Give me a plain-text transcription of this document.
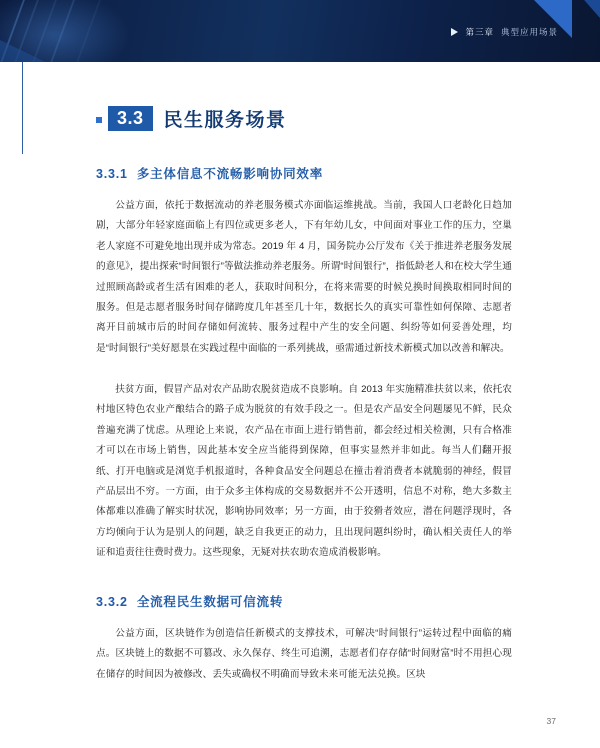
第三章 典型应用场景
3.3	民生服务场景
3.3.1 多主体信息不流畅影响协同效率

公益方面，依托于数据流动的养老服务模式亦面临运维挑战。当前，我国人口老龄化日趋加剧，大部分年轻家庭面临上有四位或更多老人，下有年幼儿女，中间面对事业工作的压力，空巢老人家庭不可避免地出现并成为常态。2019 年 4 月，国务院办公厅发布《关于推进养老服务发展的意见》，提出探索“时间银行”等做法推动养老服务。所谓“时间银行”，指低龄老人和在校大学生通过照顾高龄或者生活有困难的老人，获取时间积分，在将来需要的时候兑换时间换取相同时间的服务。但是志愿者服务时间存储跨度几年甚至几十年，数据长久的真实可靠性如何保障、志愿者离开目前城市后的时间存储如何流转、服务过程中产生的安全问题、纠纷等如何妥善处理，均是“时间银行”美好愿景在实践过程中面临的一系列挑战，亟需通过新技术新模式加以改善和解决。

扶贫方面，假冒产品对农产品助农脱贫造成不良影响。自 2013 年实施精准扶贫以来，依托农村地区特色农业产酿结合的路子成为脱贫的有效手段之一。但是农产品安全问题屡见不鲜，民众普遍充满了忧虑。从理论上来说，农产品在市面上进行销售前，都会经过相关检测，只有合格准才可以在市场上销售，因此基本安全应当能得到保障，但事实显然并非如此。每当人们翻开报纸、打开电脑或是浏览手机报道时，各种食品安全问题总在撞击着消费者本就脆弱的神经，假冒产品层出不穷。一方面，由于众多主体构成的交易数据并不公开透明，信息不对称，绝大多数主体都难以准确了解实时状况，影响协同效率；另一方面，由于狡猾者效应，潜在问题浮现时，各方均倾向于认为是别人的问题，缺乏自我更正的动力，且出现问题纠纷时，确认相关责任人的举证和追责往往费时费力。这些现象，无疑对扶农助农造成消极影响。

3.3.2 全流程民生数据可信流转

公益方面，区块链作为创造信任新模式的支撑技术，可解决“时间银行”运转过程中面临的痛点。区块链上的数据不可篡改、永久保存、终生可追溯，志愿者们存存储“时间财富”时不用担心现在储存的时间因为被修改、丢失或确权不明确而导致未来可能无法兑换。区块

37
